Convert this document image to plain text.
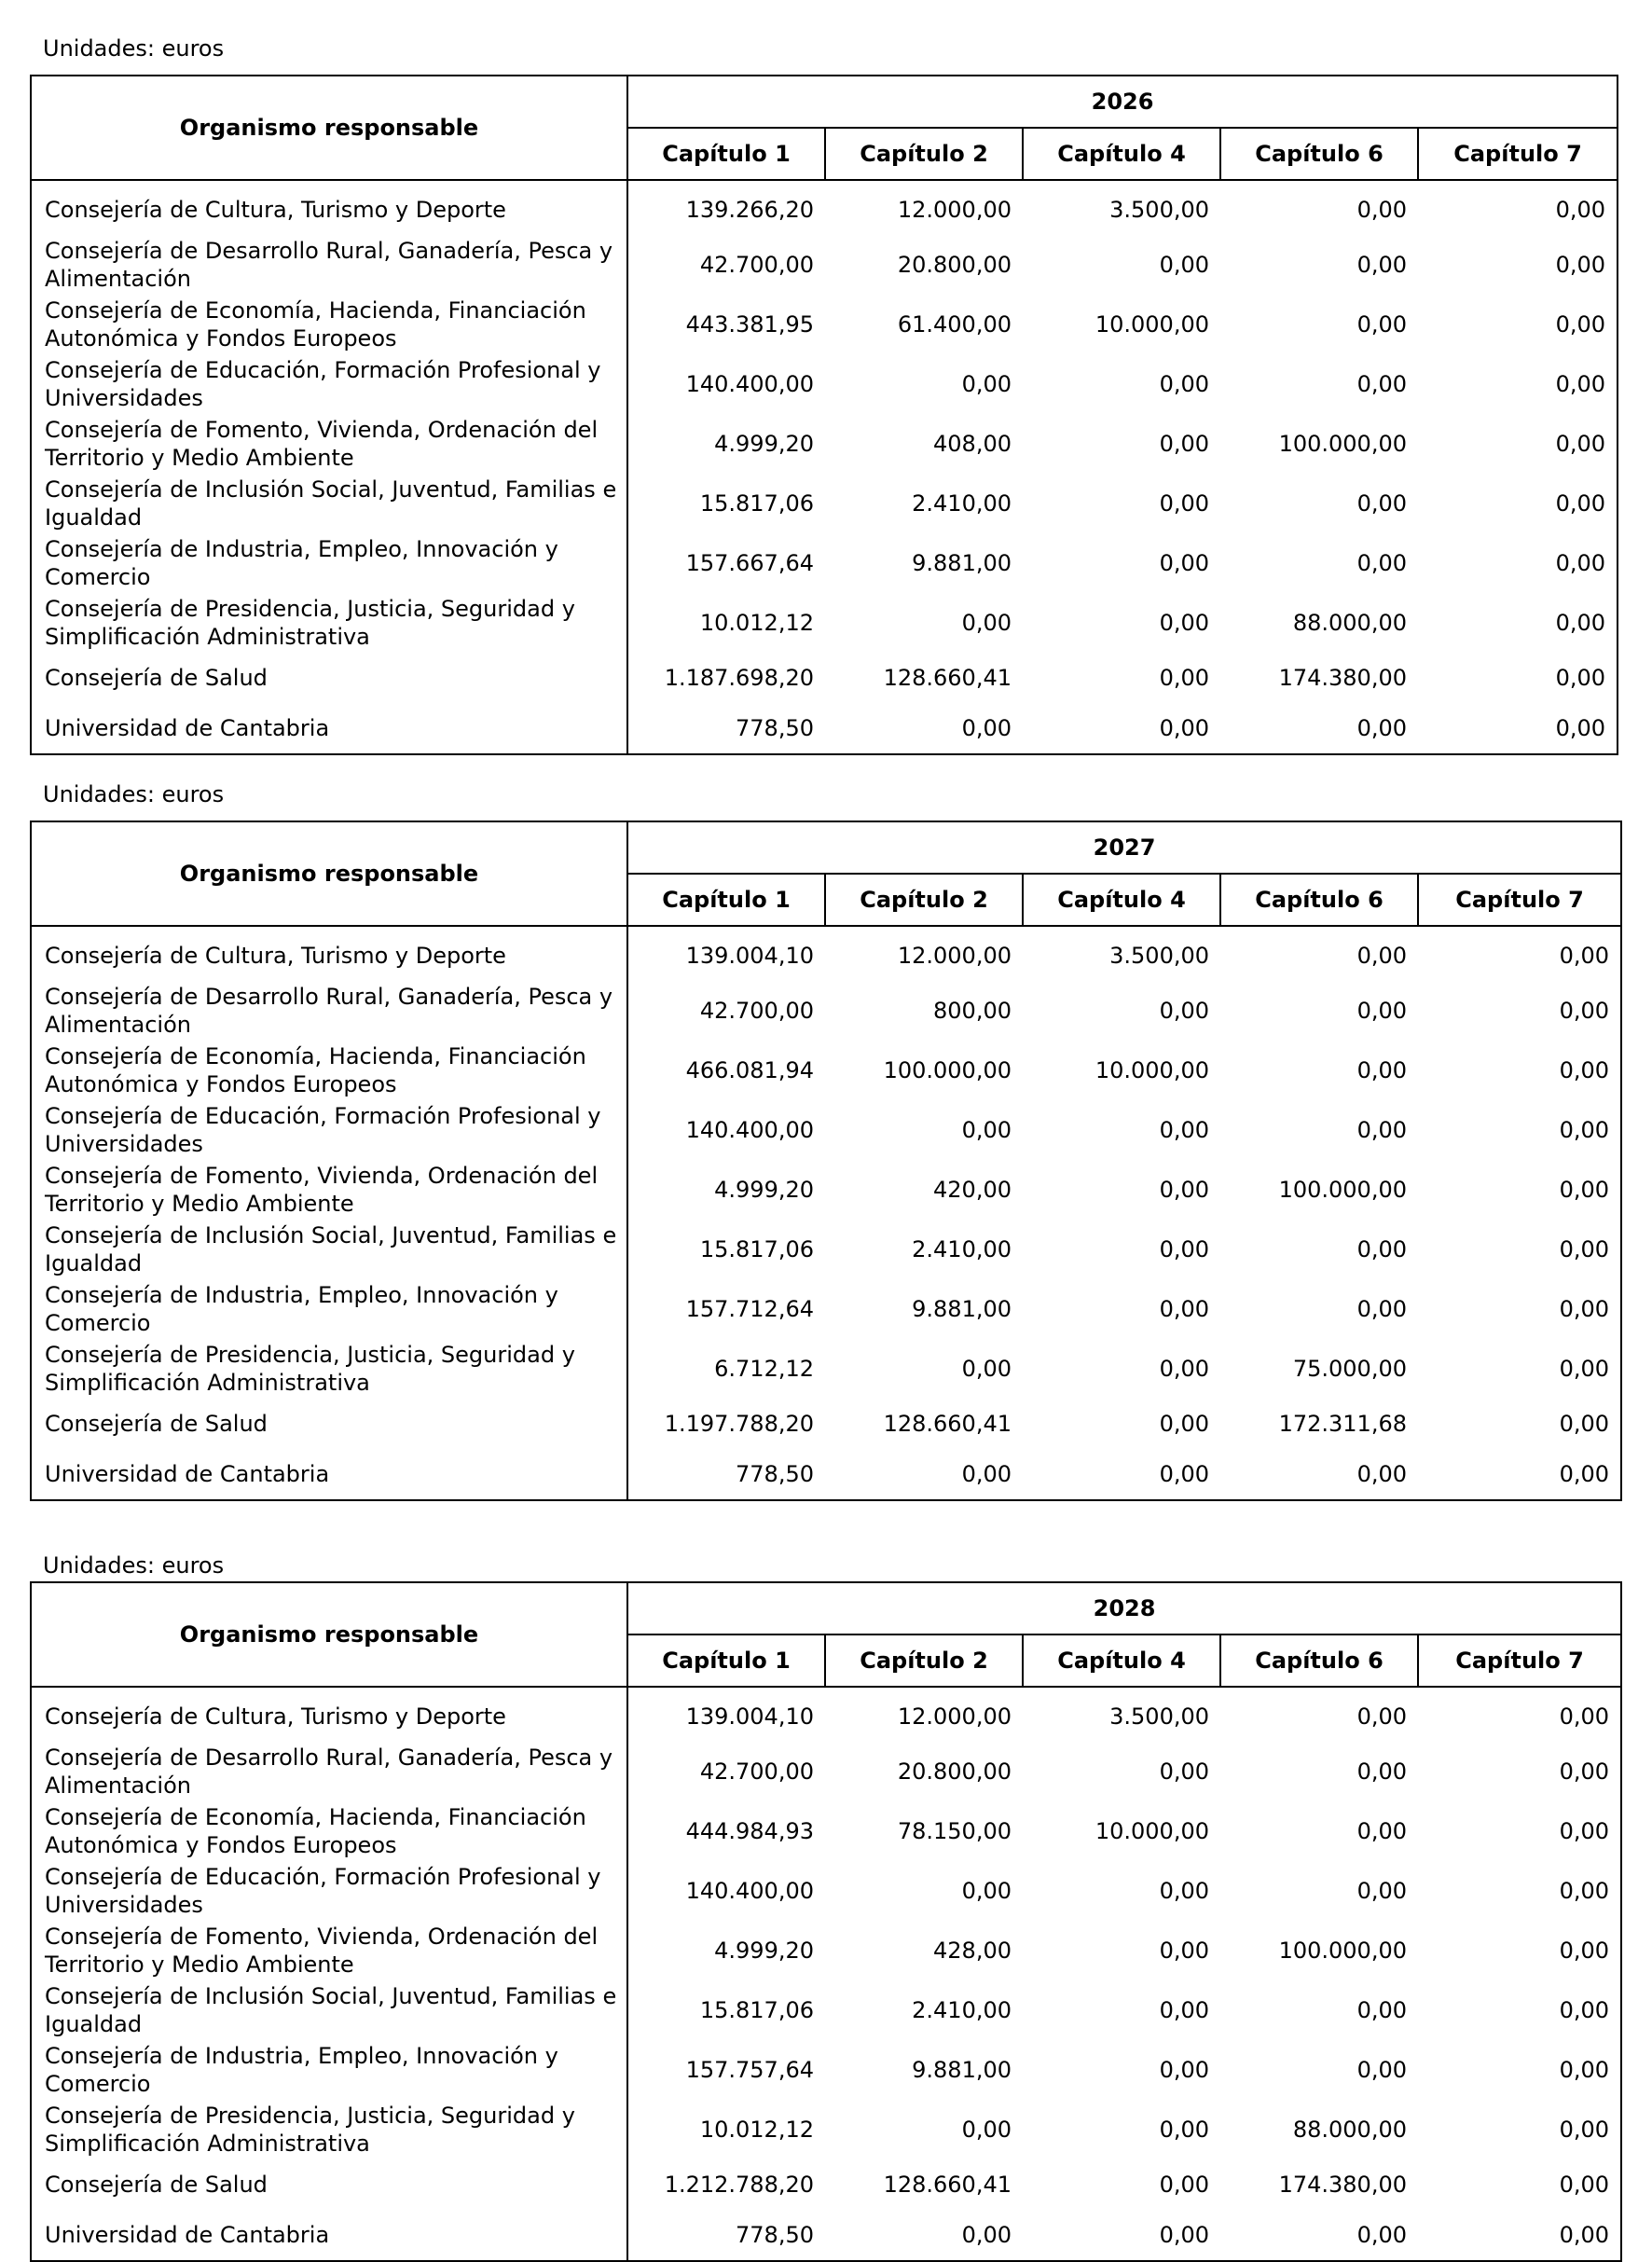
Unidades: euros
Organismo responsable	2026				
	Capítulo 1	Capítulo 2	Capítulo 4	Capítulo 6	Capítulo 7
Consejería de Cultura, Turismo y Deporte	139.266,20	12.000,00	3.500,00	0,00	0,00
Consejería de Desarrollo Rural, Ganadería, Pesca y Alimentación	42.700,00	20.800,00	0,00	0,00	0,00
Consejería de Economía, Hacienda, Financiación Autonómica y Fondos Europeos	443.381,95	61.400,00	10.000,00	0,00	0,00
Consejería de Educación, Formación Profesional y Universidades	140.400,00	0,00	0,00	0,00	0,00
Consejería de Fomento, Vivienda, Ordenación del Territorio y Medio Ambiente	4.999,20	408,00	0,00	100.000,00	0,00
Consejería de Inclusión Social, Juventud, Familias e Igualdad	15.817,06	2.410,00	0,00	0,00	0,00
Consejería de Industria, Empleo, Innovación y Comercio	157.667,64	9.881,00	0,00	0,00	0,00
Consejería de Presidencia, Justicia, Seguridad y Simplificación Administrativa	10.012,12	0,00	0,00	88.000,00	0,00
Consejería de Salud	1.187.698,20	128.660,41	0,00	174.380,00	0,00
Universidad de Cantabria	778,50	0,00	0,00	0,00	0,00
Unidades: euros
Organismo responsable	2027				
	Capítulo 1	Capítulo 2	Capítulo 4	Capítulo 6	Capítulo 7
Consejería de Cultura, Turismo y Deporte	139.004,10	12.000,00	3.500,00	0,00	0,00
Consejería de Desarrollo Rural, Ganadería, Pesca y Alimentación	42.700,00	800,00	0,00	0,00	0,00
Consejería de Economía, Hacienda, Financiación Autonómica y Fondos Europeos	466.081,94	100.000,00	10.000,00	0,00	0,00
Consejería de Educación, Formación Profesional y Universidades	140.400,00	0,00	0,00	0,00	0,00
Consejería de Fomento, Vivienda, Ordenación del Territorio y Medio Ambiente	4.999,20	420,00	0,00	100.000,00	0,00
Consejería de Inclusión Social, Juventud, Familias e Igualdad	15.817,06	2.410,00	0,00	0,00	0,00
Consejería de Industria, Empleo, Innovación y Comercio	157.712,64	9.881,00	0,00	0,00	0,00
Consejería de Presidencia, Justicia, Seguridad y Simplificación Administrativa	6.712,12	0,00	0,00	75.000,00	0,00
Consejería de Salud	1.197.788,20	128.660,41	0,00	172.311,68	0,00
Universidad de Cantabria	778,50	0,00	0,00	0,00	0,00
Unidades: euros
Organismo responsable	2028				
	Capítulo 1	Capítulo 2	Capítulo 4	Capítulo 6	Capítulo 7
Consejería de Cultura, Turismo y Deporte	139.004,10	12.000,00	3.500,00	0,00	0,00
Consejería de Desarrollo Rural, Ganadería, Pesca y Alimentación	42.700,00	20.800,00	0,00	0,00	0,00
Consejería de Economía, Hacienda, Financiación Autonómica y Fondos Europeos	444.984,93	78.150,00	10.000,00	0,00	0,00
Consejería de Educación, Formación Profesional y Universidades	140.400,00	0,00	0,00	0,00	0,00
Consejería de Fomento, Vivienda, Ordenación del Territorio y Medio Ambiente	4.999,20	428,00	0,00	100.000,00	0,00
Consejería de Inclusión Social, Juventud, Familias e Igualdad	15.817,06	2.410,00	0,00	0,00	0,00
Consejería de Industria, Empleo, Innovación y Comercio	157.757,64	9.881,00	0,00	0,00	0,00
Consejería de Presidencia, Justicia, Seguridad y Simplificación Administrativa	10.012,12	0,00	0,00	88.000,00	0,00
Consejería de Salud	1.212.788,20	128.660,41	0,00	174.380,00	0,00
Universidad de Cantabria	778,50	0,00	0,00	0,00	0,00
